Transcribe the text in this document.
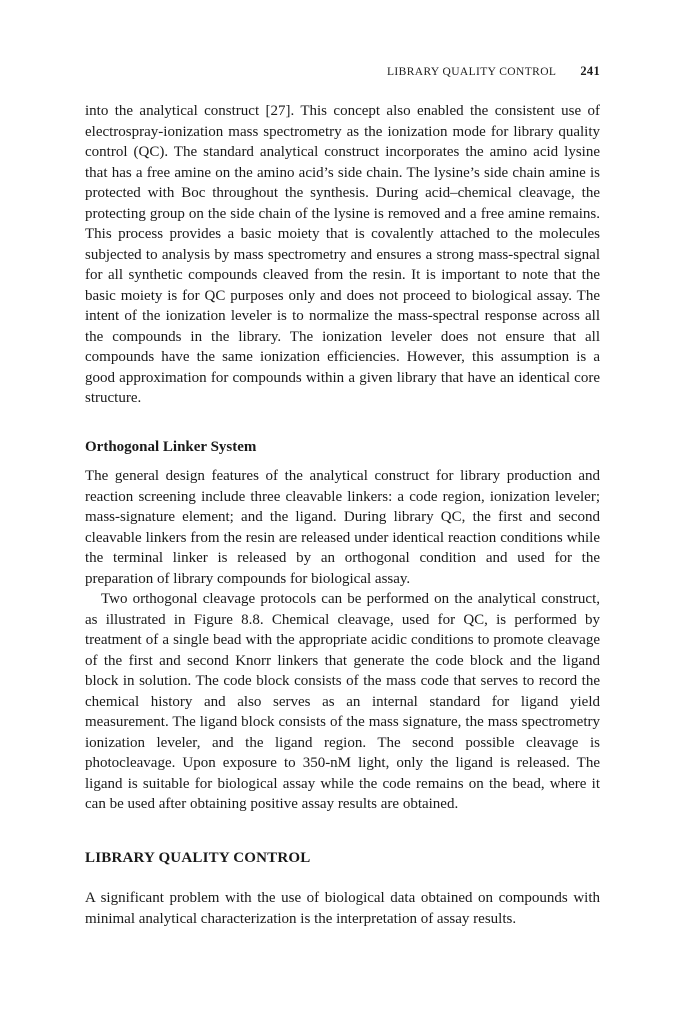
LIBRARY QUALITY CONTROL 241

into the analytical construct [27]. This concept also enabled the consistent use of electrospray-ionization mass spectrometry as the ionization mode for library quality control (QC). The standard analytical construct incorporates the amino acid lysine that has a free amine on the amino acid’s side chain. The lysine’s side chain amine is protected with Boc throughout the synthesis. During acid–chemical cleavage, the protecting group on the side chain of the lysine is removed and a free amine remains. This process provides a basic moiety that is covalently attached to the molecules subjected to analysis by mass spectrometry and ensures a strong mass-spectral signal for all synthetic compounds cleaved from the resin. It is important to note that the basic moiety is for QC purposes only and does not proceed to biological assay. The intent of the ionization leveler is to normalize the mass-spectral response across all the compounds in the library. The ionization leveler does not ensure that all compounds have the same ionization efficiencies. However, this assumption is a good approximation for compounds within a given library that have an identical core structure.

Orthogonal Linker System

The general design features of the analytical construct for library production and reaction screening include three cleavable linkers: a code region, ionization leveler; mass-signature element; and the ligand. During library QC, the first and second cleavable linkers from the resin are released under identical reaction conditions while the terminal linker is released by an orthogonal condition and used for the preparation of library compounds for biological assay.

Two orthogonal cleavage protocols can be performed on the analytical construct, as illustrated in Figure 8.8. Chemical cleavage, used for QC, is performed by treatment of a single bead with the appropriate acidic conditions to promote cleavage of the first and second Knorr linkers that generate the code block and the ligand block in solution. The code block consists of the mass code that serves to record the chemical history and also serves as an internal standard for ligand yield measurement. The ligand block consists of the mass signature, the mass spectrometry ionization leveler, and the ligand region. The second possible cleavage is photocleavage. Upon exposure to 350-nM light, only the ligand is released. The ligand is suitable for biological assay while the code remains on the bead, where it can be used after obtaining positive assay results are obtained.

LIBRARY QUALITY CONTROL

A significant problem with the use of biological data obtained on compounds with minimal analytical characterization is the interpretation of assay results.
